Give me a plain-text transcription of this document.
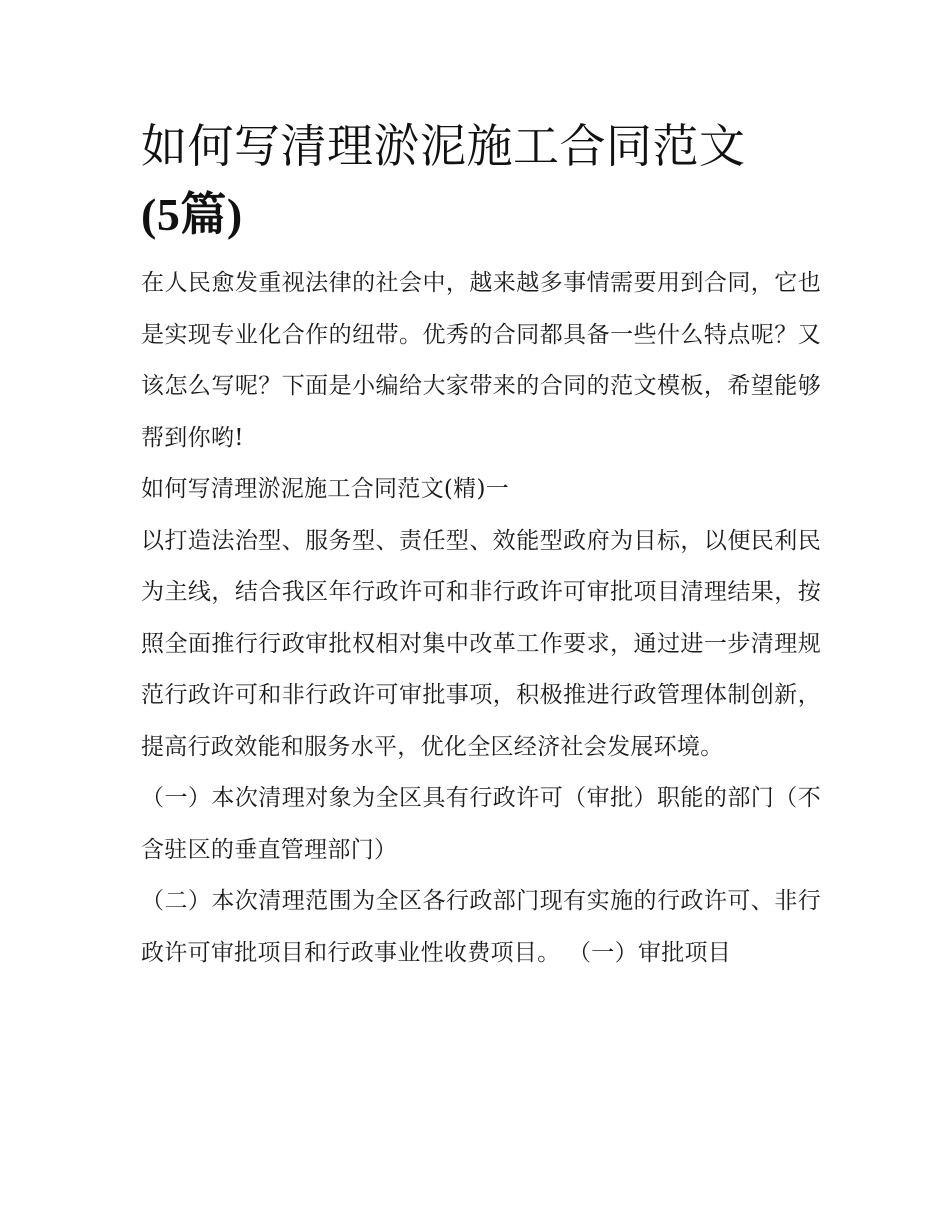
如何写清理淤泥施工合同范文
(5篇)

在人民愈发重视法律的社会中，越来越多事情需要用到合同，它也是实现专业化合作的纽带。优秀的合同都具备一些什么特点呢？又该怎么写呢？下面是小编给大家带来的合同的范文模板，希望能够帮到你哟!

如何写清理淤泥施工合同范文(精)一

以打造法治型、服务型、责任型、效能型政府为目标，以便民利民为主线，结合我区年行政许可和非行政许可审批项目清理结果，按照全面推行行政审批权相对集中改革工作要求，通过进一步清理规范行政许可和非行政许可审批事项，积极推进行政管理体制创新，提高行政效能和服务水平，优化全区经济社会发展环境。

（一）本次清理对象为全区具有行政许可（审批）职能的部门（不含驻区的垂直管理部门）

（二）本次清理范围为全区各行政部门现有实施的行政许可、非行政许可审批项目和行政事业性收费项目。 （一）审批项目
